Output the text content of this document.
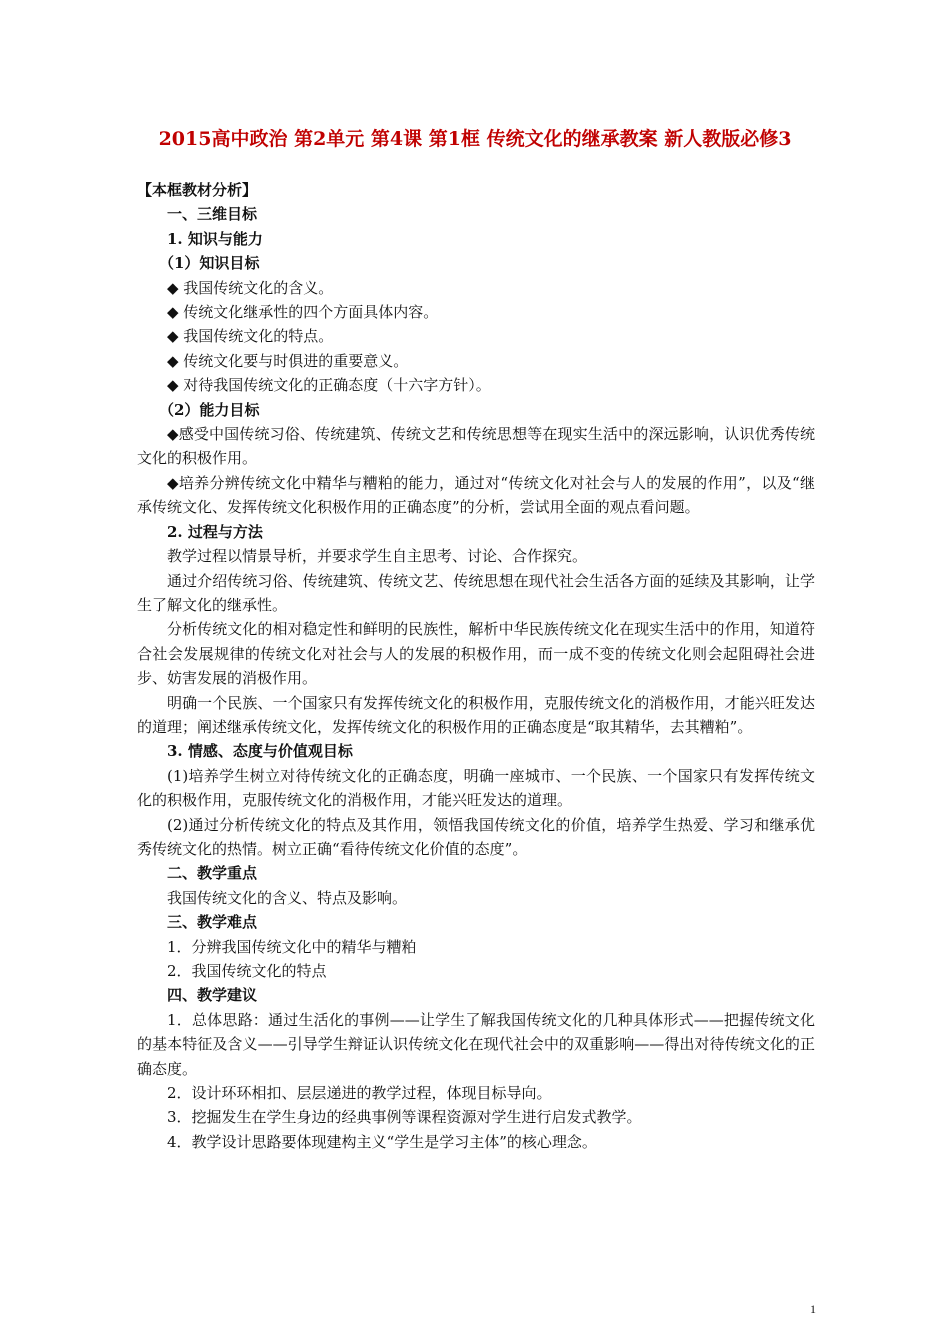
2015高中政治 第2单元 第4课 第1框 传统文化的继承教案 新人教版必修3

【本框教材分析】

一、三维目标

1. 知识与能力

（1）知识目标

◆ 我国传统文化的含义。

◆ 传统文化继承性的四个方面具体内容。

◆ 我国传统文化的特点。

◆ 传统文化要与时俱进的重要意义。

◆ 对待我国传统文化的正确态度（十六字方针）。

（2）能力目标

◆感受中国传统习俗、传统建筑、传统文艺和传统思想等在现实生活中的深远影响，认识优秀传统文化的积极作用。

◆培养分辨传统文化中精华与糟粕的能力，通过对“传统文化对社会与人的发展的作用”，以及“继承传统文化、发挥传统文化积极作用的正确态度”的分析，尝试用全面的观点看问题。

2. 过程与方法

教学过程以情景导析，并要求学生自主思考、讨论、合作探究。

通过介绍传统习俗、传统建筑、传统文艺、传统思想在现代社会生活各方面的延续及其影响，让学生了解文化的继承性。

分析传统文化的相对稳定性和鲜明的民族性，解析中华民族传统文化在现实生活中的作用，知道符合社会发展规律的传统文化对社会与人的发展的积极作用，而一成不变的传统文化则会起阻碍社会进步、妨害发展的消极作用。

明确一个民族、一个国家只有发挥传统文化的积极作用，克服传统文化的消极作用，才能兴旺发达的道理；阐述继承传统文化，发挥传统文化的积极作用的正确态度是“取其精华，去其糟粕”。

3. 情感、态度与价值观目标

(1)培养学生树立对待传统文化的正确态度，明确一座城市、一个民族、一个国家只有发挥传统文化的积极作用，克服传统文化的消极作用，才能兴旺发达的道理。

(2)通过分析传统文化的特点及其作用，领悟我国传统文化的价值，培养学生热爱、学习和继承优秀传统文化的热情。树立正确“看待传统文化价值的态度”。

二、教学重点

我国传统文化的含义、特点及影响。

三、教学难点

1．分辨我国传统文化中的精华与糟粕

2．我国传统文化的特点

四、教学建议

1．总体思路：通过生活化的事例——让学生了解我国传统文化的几种具体形式——把握传统文化的基本特征及含义——引导学生辩证认识传统文化在现代社会中的双重影响——得出对待传统文化的正确态度。

2．设计环环相扣、层层递进的教学过程，体现目标导向。

3．挖掘发生在学生身边的经典事例等课程资源对学生进行启发式教学。

4．教学设计思路要体现建构主义“学生是学习主体”的核心理念。

1
